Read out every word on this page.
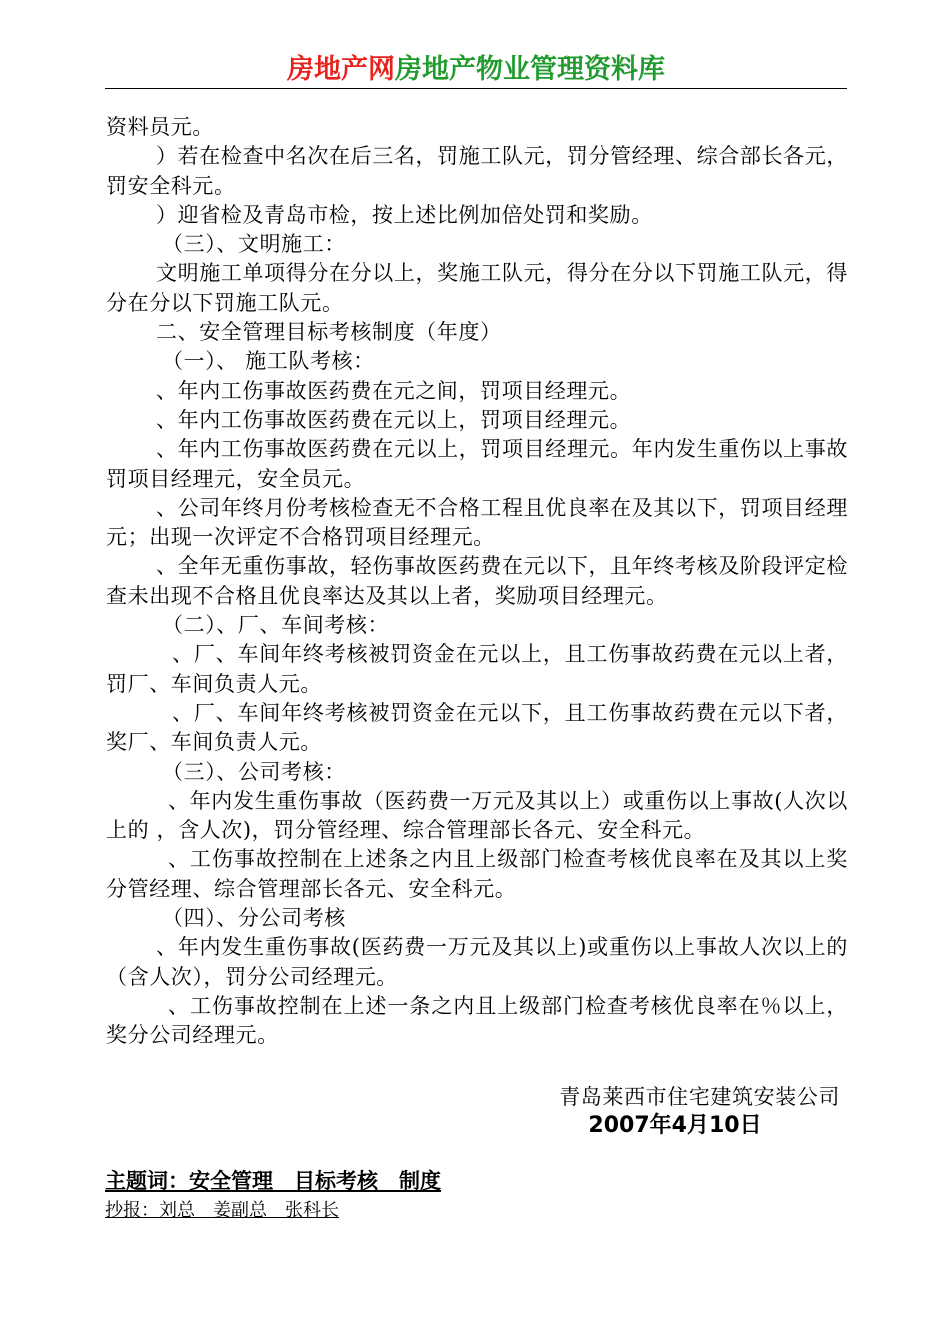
房地产网房地产物业管理资料库

资料员元。

）若在检查中名次在后三名，罚施工队元，罚分管经理、综合部长各元，罚安全科元。

）迎省检及青岛市检，按上述比例加倍处罚和奖励。

（三）、文明施工：

文明施工单项得分在分以上，奖施工队元，得分在分以下罚施工队元，得分在分以下罚施工队元。

二、安全管理目标考核制度（年度）

（一）、 施工队考核：

、年内工伤事故医药费在元之间，罚项目经理元。

、年内工伤事故医药费在元以上，罚项目经理元。

、年内工伤事故医药费在元以上，罚项目经理元。年内发生重伤以上事故罚项目经理元，安全员元。

、公司年终月份考核检查无不合格工程且优良率在及其以下，罚项目经理元；出现一次评定不合格罚项目经理元。

、全年无重伤事故，轻伤事故医药费在元以下，且年终考核及阶段评定检查未出现不合格且优良率达及其以上者，奖励项目经理元。

（二）、厂、车间考核：

、厂、车间年终考核被罚资金在元以上，且工伤事故药费在元以上者，罚厂、车间负责人元。

、厂、车间年终考核被罚资金在元以下，且工伤事故药费在元以下者，奖厂、车间负责人元。

（三）、公司考核：

、年内发生重伤事故（医药费一万元及其以上）或重伤以上事故(人次以上的 ，含人次)，罚分管经理、综合管理部长各元、安全科元。

、工伤事故控制在上述条之内且上级部门检查考核优良率在及其以上奖分管经理、综合管理部长各元、安全科元。

（四）、分公司考核

、年内发生重伤事故(医药费一万元及其以上)或重伤以上事故人次以上的（含人次），罚分公司经理元。

、工伤事故控制在上述一条之内且上级部门检查考核优良率在％以上，奖分公司经理元。

青岛莱西市住宅建筑安装公司
2007年4月10日
主题词：安全管理　目标考核　制度
抄报：刘总　姜副总　张科长
